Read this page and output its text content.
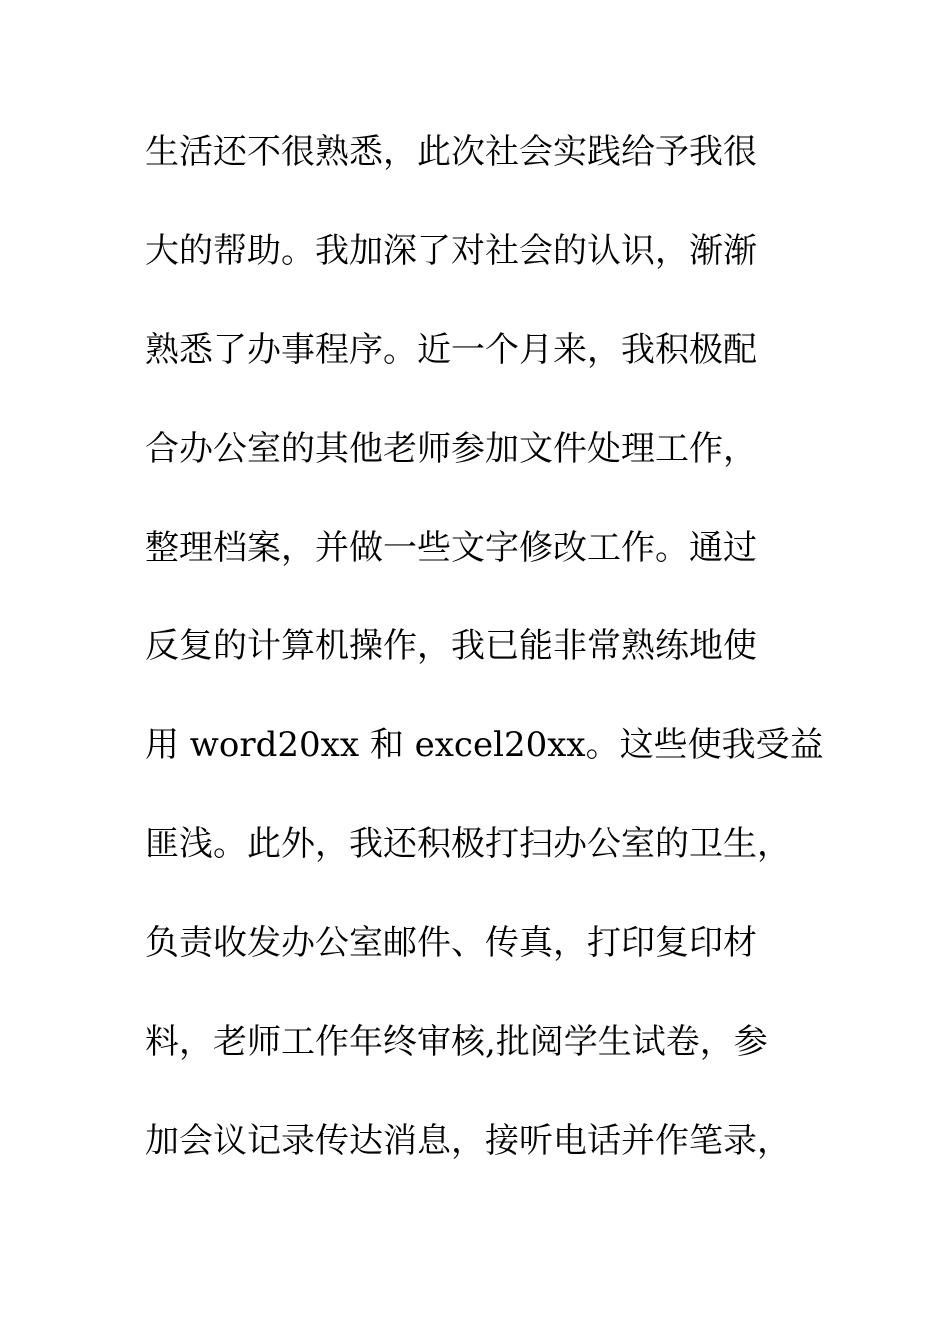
生活还不很熟悉，此次社会实践给予我很
大的帮助。我加深了对社会的认识，渐渐
熟悉了办事程序。近一个月来，我积极配
合办公室的其他老师参加文件处理工作，
整理档案，并做一些文字修改工作。通过
反复的计算机操作，我已能非常熟练地使
用 word20xx 和 excel20xx。这些使我受益
匪浅。此外，我还积极打扫办公室的卫生，
负责收发办公室邮件、传真，打印复印材
料，老师工作年终审核,批阅学生试卷，参
加会议记录传达消息，接听电话并作笔录，
